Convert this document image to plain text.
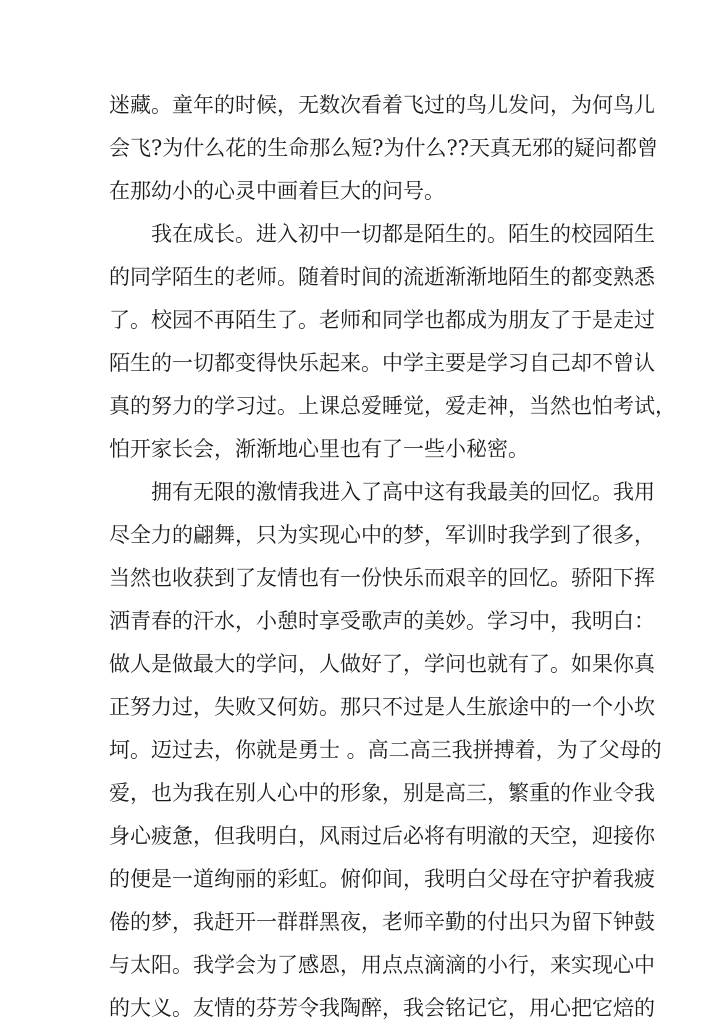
迷藏。童年的时候，无数次看着飞过的鸟儿发问，为何鸟儿
会飞?为什么花的生命那么短?为什么??天真无邪的疑问都曾
在那幼小的心灵中画着巨大的问号。
我在成长。进入初中一切都是陌生的。陌生的校园陌生
的同学陌生的老师。随着时间的流逝渐渐地陌生的都变熟悉
了。校园不再陌生了。老师和同学也都成为朋友了于是走过
陌生的一切都变得快乐起来。中学主要是学习自己却不曾认
真的努力的学习过。上课总爱睡觉，爱走神，当然也怕考试，
怕开家长会，渐渐地心里也有了一些小秘密。
拥有无限的激情我进入了高中这有我最美的回忆。我用
尽全力的翩舞，只为实现心中的梦，军训时我学到了很多，
当然也收获到了友情也有一份快乐而艰辛的回忆。骄阳下挥
洒青春的汗水，小憩时享受歌声的美妙。学习中，我明白：
做人是做最大的学问，人做好了，学问也就有了。如果你真
正努力过，失败又何妨。那只不过是人生旅途中的一个小坎
坷。迈过去，你就是勇士 。高二高三我拼搏着，为了父母的
爱，也为我在别人心中的形象，别是高三，繁重的作业令我
身心疲惫，但我明白，风雨过后必将有明澈的天空，迎接你
的便是一道绚丽的彩虹。俯仰间，我明白父母在守护着我疲
倦的梦，我赶开一群群黑夜，老师辛勤的付出只为留下钟鼓
与太阳。我学会为了感恩，用点点滴滴的小行，来实现心中
的大义。友情的芬芳令我陶醉，我会铭记它，用心把它焙的
